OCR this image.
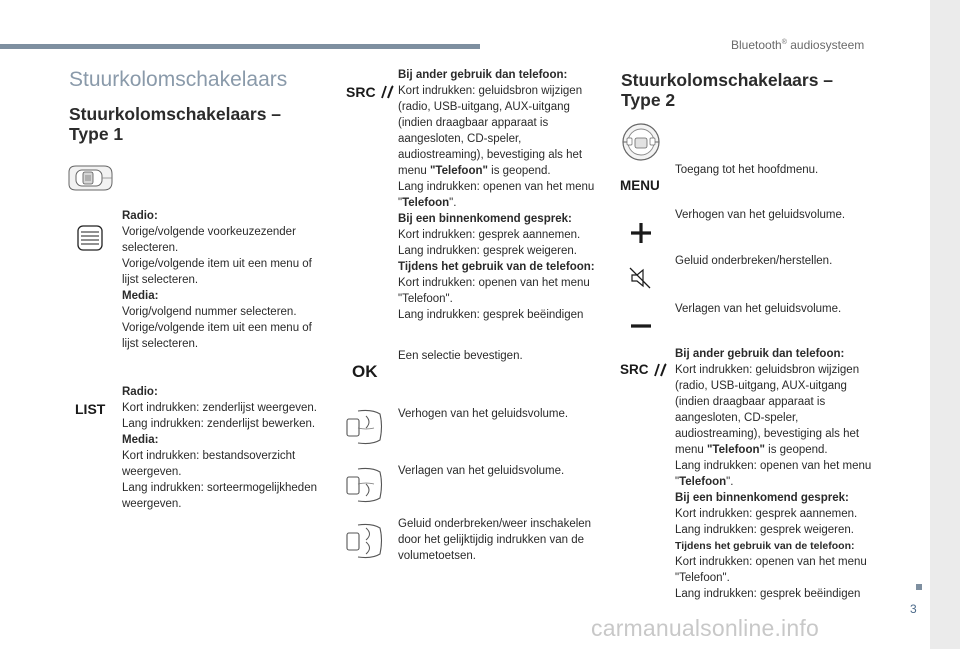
Bluetooth® audiosysteem
3
carmanualsonline.info
Stuurkolomschakelaars
Stuurkolomschakelaars –
Type 1

Radio:

Vorige/volgende voorkeuzezender selecteren.

Vorige/volgende item uit een menu of lijst selecteren.

Media:

Vorig/volgend nummer selecteren.

Vorige/volgende item uit een menu of lijst selecteren.

LIST

Radio:

Kort indrukken: zenderlijst weergeven.

Lang indrukken: zenderlijst bewerken.

Media:

Kort indrukken: bestandsoverzicht weergeven.

Lang indrukken: sorteermogelijkheden weergeven.

SRC

Bij ander gebruik dan telefoon:

Kort indrukken: geluidsbron wijzigen (radio, USB-uitgang, AUX-uitgang (indien draagbaar apparaat is aangesloten, CD-speler, audiostreaming), bevestiging als het menu "Telefoon" is geopend.

Lang indrukken: openen van het menu "Telefoon".

Bij een binnenkomend gesprek:

Kort indrukken: gesprek aannemen.

Lang indrukken: gesprek weigeren.

Tijdens het gebruik van de telefoon:

Kort indrukken: openen van het menu "Telefoon".

Lang indrukken: gesprek beëindigen

OK
Een selectie bevestigen.
Verhogen van het geluidsvolume.
Verlagen van het geluidsvolume.
Geluid onderbreken/weer inschakelen door het gelijktijdig indrukken van de volumetoetsen.
Stuurkolomschakelaars –
Type 2
MENU
Toegang tot het hoofdmenu.
Verhogen van het geluidsvolume.
Geluid onderbreken/herstellen.
Verlagen van het geluidsvolume.
SRC

Bij ander gebruik dan telefoon:

Kort indrukken: geluidsbron wijzigen (radio, USB-uitgang, AUX-uitgang (indien draagbaar apparaat is aangesloten, CD-speler, audiostreaming), bevestiging als het menu "Telefoon" is geopend.

Lang indrukken: openen van het menu "Telefoon".

Bij een binnenkomend gesprek:

Kort indrukken: gesprek aannemen.

Lang indrukken: gesprek weigeren.

Tijdens het gebruik van de telefoon:

Kort indrukken: openen van het menu "Telefoon".

Lang indrukken: gesprek beëindigen
